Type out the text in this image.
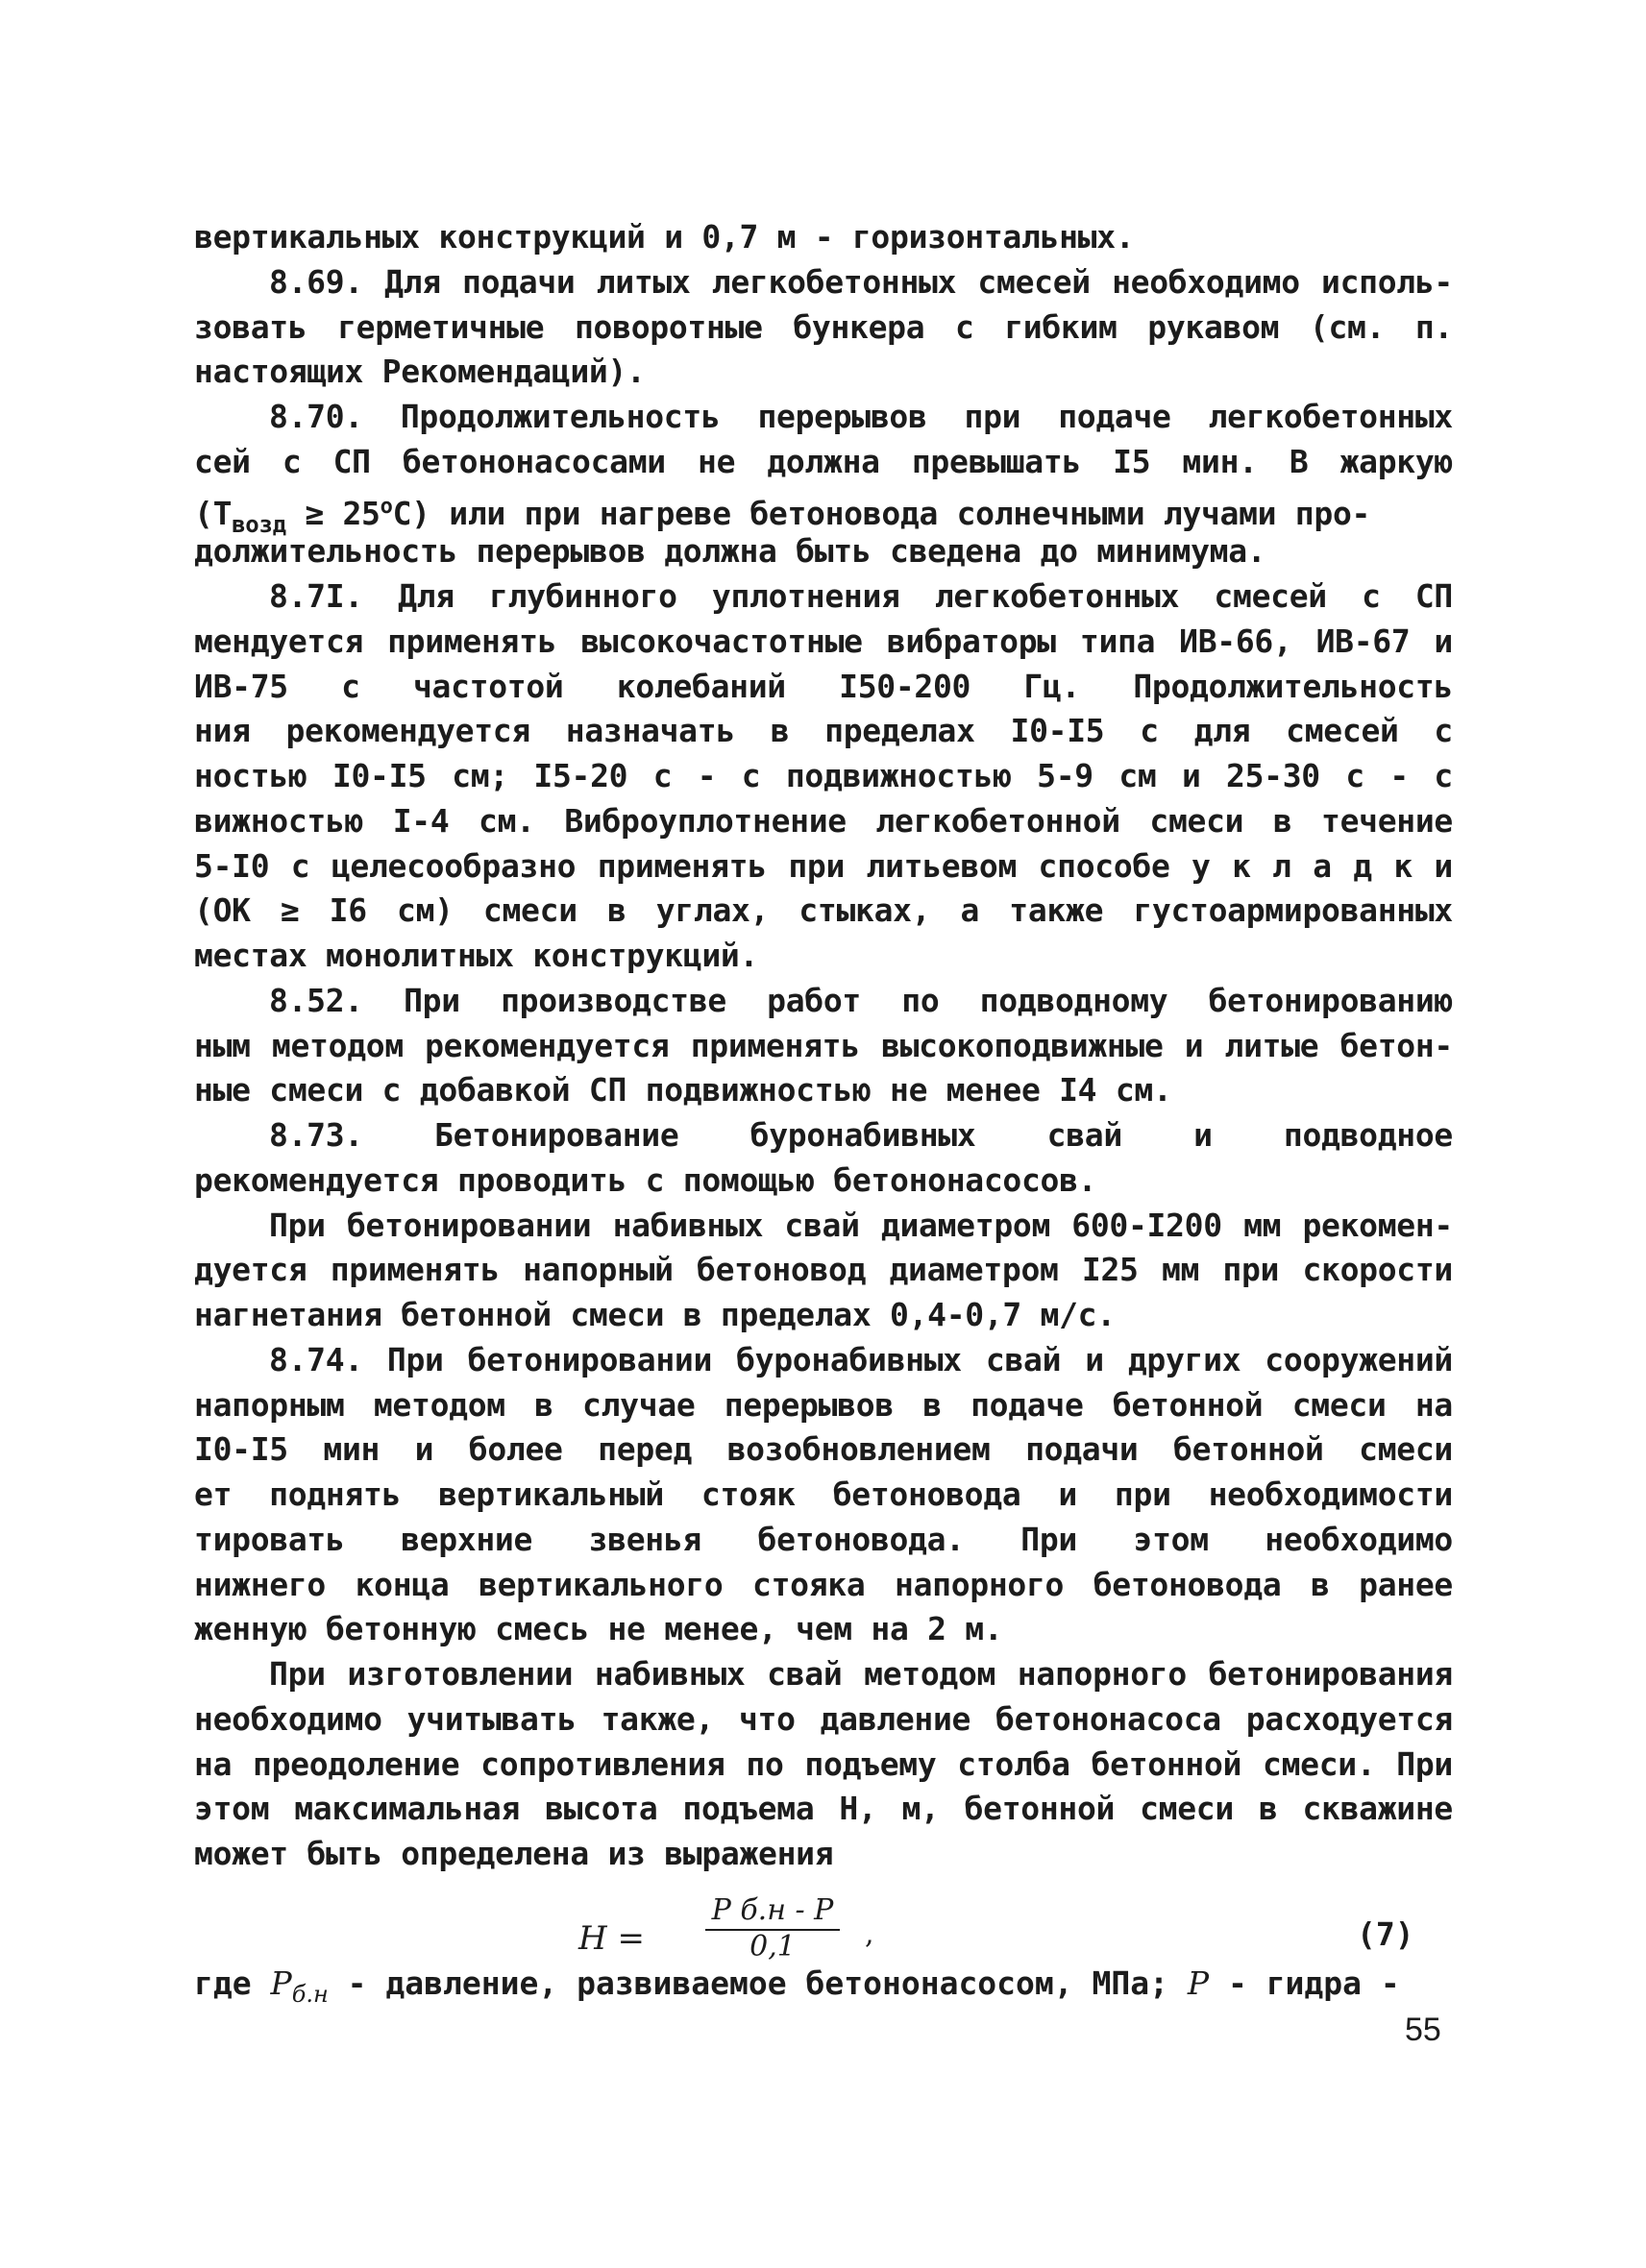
вертикальных конструкций и 0,7 м - горизонтальных.
8.69. Для подачи литых легкобетонных смесей необходимо исполь-
зовать герметичные поворотные бункера с гибким рукавом (см. п.
настоящих Рекомендаций).
8.70. Продолжительность перерывов при подаче легкобетонных
сей с СП бетононасосами не должна превышать I5 мин. В жаркую
$(T_{возд} \ge 25^оС)$ или при нагреве бетоновода солнечными лучами про-
должительность перерывов должна быть сведена до минимума.
8.7I. Для глубинного уплотнения легкобетонных смесей с СП
мендуется применять высокочастотные вибраторы типа ИВ-66, ИВ-67 и
ИВ-75 с частотой колебаний I50-200 Гц. Продолжительность
ния рекомендуется назначать в пределах I0-I5 с для смесей с
ностью I0-I5 см; I5-20 с - с подвижностью 5-9 см и 25-30 с - с
вижностью I-4 см. Виброуплотнение легкобетонной смеси в течение
5-I0 с целесообразно применять при литьевом способе у к л а д к и
(ОК ≥ I6 см) смеси в углах, стыках, а также густоармированных
местах монолитных конструкций.
8.52. При производстве работ по подводному бетонированию
ным методом рекомендуется применять высокоподвижные и литые бетон-
ные смеси с добавкой СП подвижностью не менее I4 см.
8.73. Бетонирование буронабивных свай и подводное
рекомендуется проводить с помощью бетононасосов.
При бетонировании набивных свай диаметром 600-I200 мм рекомен-
дуется применять напорный бетоновод диаметром I25 мм при скорости
нагнетания бетонной смеси в пределах 0,4-0,7 м/с.
8.74. При бетонировании буронабивных свай и других сооружений
напорным методом в случае перерывов в подаче бетонной смеси на
I0-I5 мин и более перед возобновлением подачи бетонной смеси
ет поднять вертикальный стояк бетоновода и при необходимости
тировать верхние звенья бетоновода. При этом необходимо
нижнего конца вертикального стояка напорного бетоновода в ранее
женную бетонную смесь не менее, чем на 2 м.
При изготовлении набивных свай методом напорного бетонирования
необходимо учитывать также, что давление бетононасоса расходуется
на преодоление сопротивления по подъему столба бетонной смеси. При
этом максимальная высота подъема Н, м, бетонной смеси в скважине
может быть определена из выражения
H =
P б.н - P
0,1	,	(7)
где $P_{б.н}$ - давление, развиваемое бетононасосом, МПа; P - гидра -
55
